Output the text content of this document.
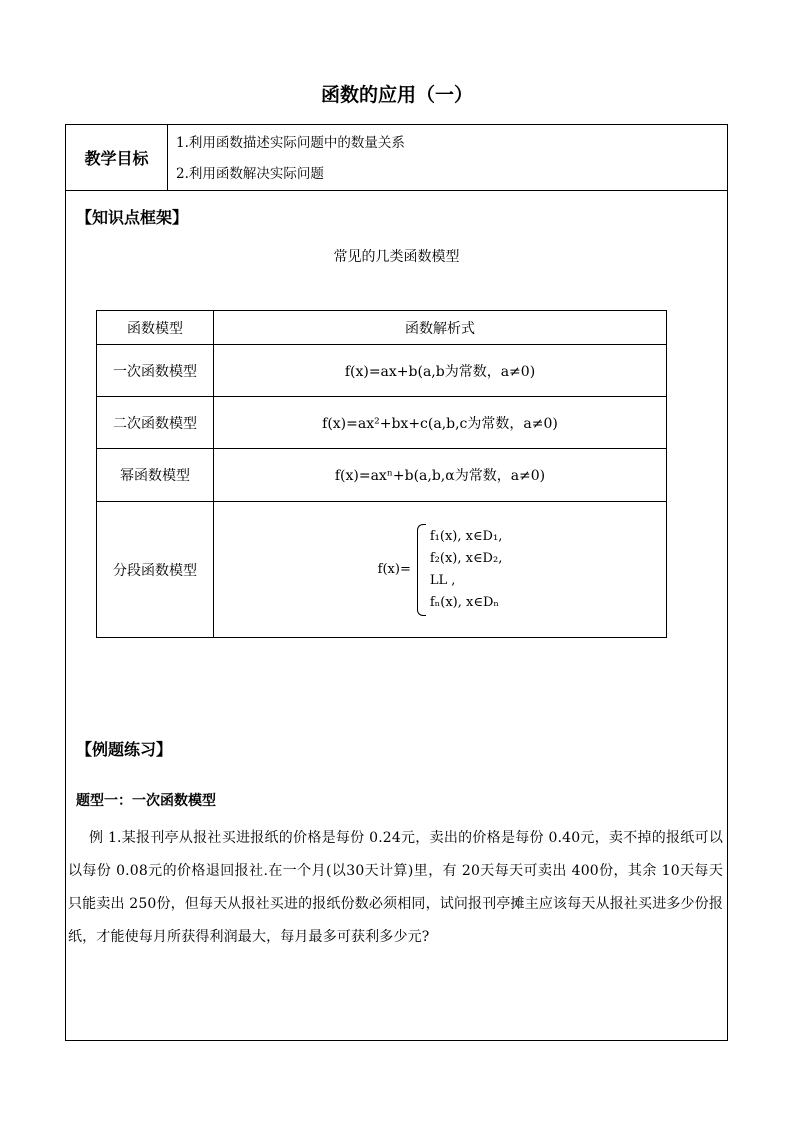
函数的应用（一）
教学目标
1.利用函数描述实际问题中的数量关系
2.利用函数解决实际问题
【知识点框架】
常见的几类函数模型
函数模型	函数解析式
一次函数模型	f(x)=ax+b(a,b为常数，a≠0)
二次函数模型	f(x)=ax²+bx+c(a,b,c为常数，a≠0)
幂函数模型	f(x)=axⁿ+b(a,b,α为常数，a≠0)
分段函数模型	f(x)=
f₁(x), x∈D₁,
f₂(x), x∈D₂,
LL ,
fₙ(x), x∈Dₙ
【例题练习】
题型一：一次函数模型
例 1.某报刊亭从报社买进报纸的价格是每份 0.24元，卖出的价格是每份 0.40元，卖不掉的报纸可以以每份 0.08元的价格退回报社.在一个月(以30天计算)里，有 20天每天可卖出 400份，其余 10天每天只能卖出 250份，但每天从报社买进的报纸份数必须相同，试问报刊亭摊主应该每天从报社买进多少份报纸，才能使每月所获得利润最大，每月最多可获利多少元?
